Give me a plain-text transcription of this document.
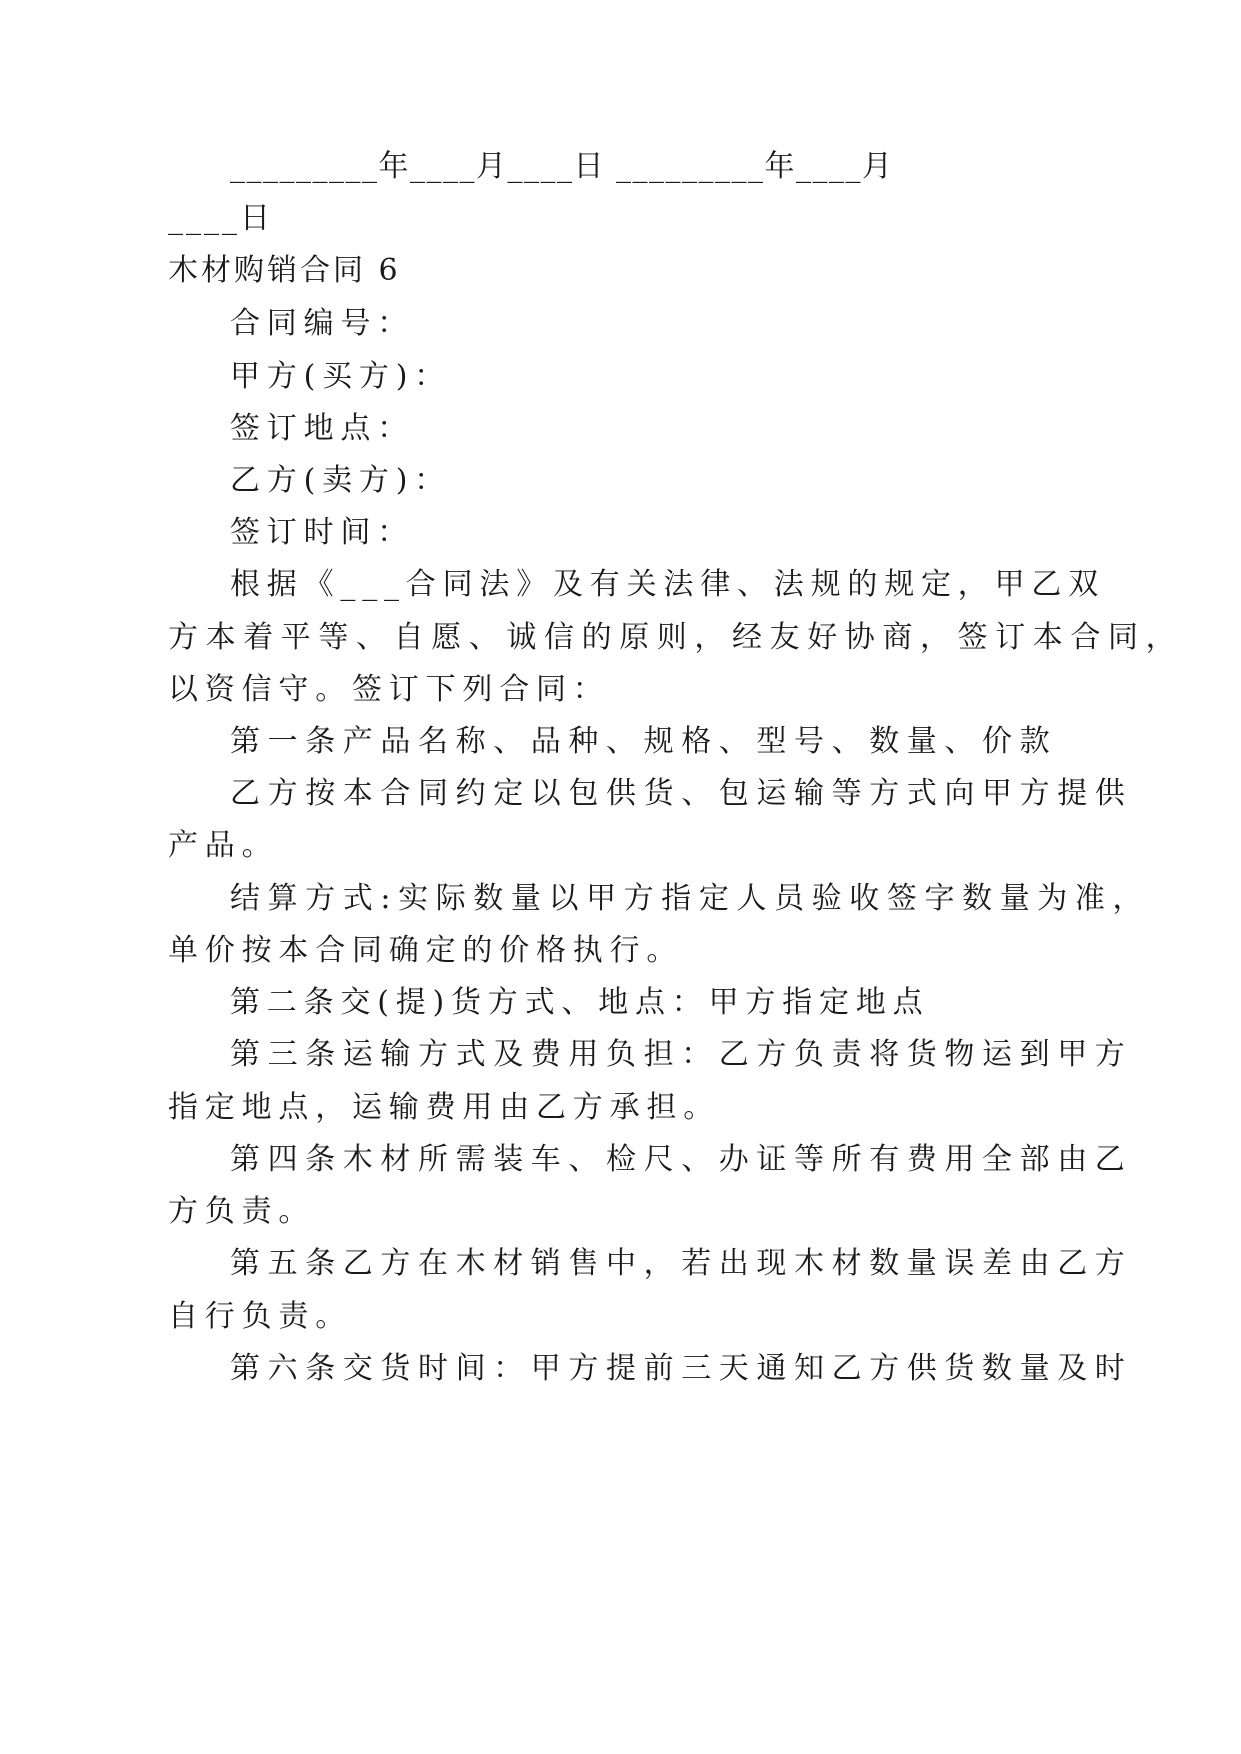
_________年____月____日 _________年____月
____日
木材购销合同 6
合同编号：
甲方(买方)：
签订地点：
乙方(卖方)：
签订时间：
根据《___合同法》及有关法律、法规的规定，甲乙双
方本着平等、自愿、诚信的原则，经友好协商，签订本合同，
以资信守。签订下列合同：
第一条产品名称、品种、规格、型号、数量、价款
乙方按本合同约定以包供货、包运输等方式向甲方提供
产品。
结算方式:实际数量以甲方指定人员验收签字数量为准，
单价按本合同确定的价格执行。
第二条交(提)货方式、地点：甲方指定地点
第三条运输方式及费用负担：乙方负责将货物运到甲方
指定地点，运输费用由乙方承担。
第四条木材所需装车、检尺、办证等所有费用全部由乙
方负责。
第五条乙方在木材销售中，若出现木材数量误差由乙方
自行负责。
第六条交货时间：甲方提前三天通知乙方供货数量及时
